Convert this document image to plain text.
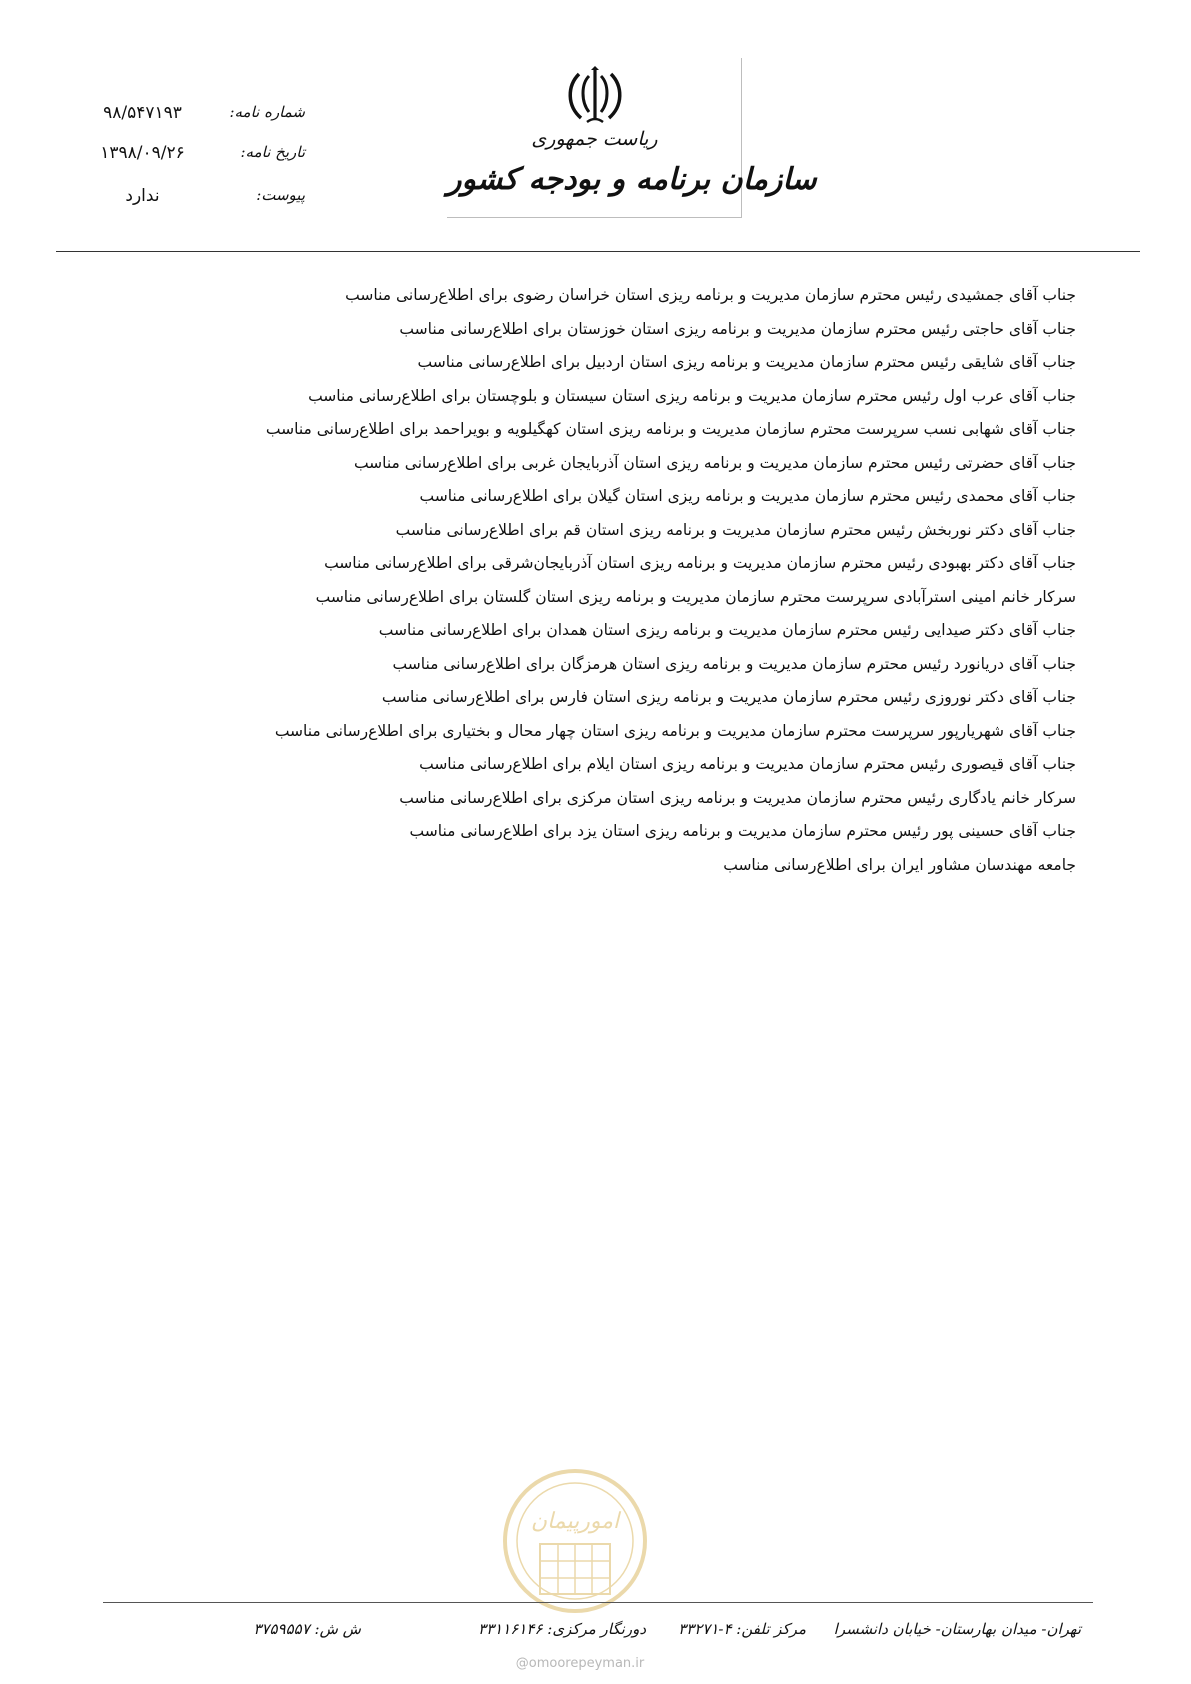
ریاست جمهوری
سازمان برنامه و بودجه کشور
۹۸/۵۴۷۱۹۳	شماره نامه:
۱۳۹۸/۰۹/۲۶	تاریخ نامه:
ندارد	پیوست:
جناب آقای جمشیدی رئیس محترم سازمان مدیریت و برنامه ریزی استان خراسان رضوی برای اطلاع‌رسانی مناسب
جناب آقای حاجتی رئیس محترم سازمان مدیریت و برنامه ریزی استان خوزستان برای اطلاع‌رسانی مناسب
جناب آقای شایقی رئیس محترم سازمان مدیریت و برنامه ریزی استان اردبیل برای اطلاع‌رسانی مناسب
جناب آقای عرب اول رئیس محترم سازمان مدیریت و برنامه ریزی استان سیستان و بلوچستان برای اطلاع‌رسانی مناسب
جناب آقای شهابی نسب سرپرست محترم سازمان مدیریت و برنامه ریزی استان کهگیلویه و بویراحمد برای اطلاع‌رسانی مناسب
جناب آقای حضرتی رئیس محترم سازمان مدیریت و برنامه ریزی استان آذربایجان غربی برای اطلاع‌رسانی مناسب
جناب آقای محمدی رئیس محترم سازمان مدیریت و برنامه ریزی استان گیلان برای اطلاع‌رسانی مناسب
جناب آقای دکتر نوربخش رئیس محترم سازمان مدیریت و برنامه ریزی استان قم برای اطلاع‌رسانی مناسب
جناب آقای دکتر بهبودی رئیس محترم سازمان مدیریت و برنامه ریزی استان آذربایجان‌شرقی برای اطلاع‌رسانی مناسب
سرکار خانم امینی استرآبادی سرپرست محترم سازمان مدیریت و برنامه ریزی استان گلستان برای اطلاع‌رسانی مناسب
جناب آقای دکتر صیدایی رئیس محترم سازمان مدیریت و برنامه ریزی استان همدان برای اطلاع‌رسانی مناسب
جناب آقای دریانورد رئیس محترم سازمان مدیریت و برنامه ریزی استان هرمزگان برای اطلاع‌رسانی مناسب
جناب آقای دکتر نوروزی رئیس محترم سازمان مدیریت و برنامه ریزی استان فارس برای اطلاع‌رسانی مناسب
جناب آقای شهریارپور سرپرست محترم سازمان مدیریت و برنامه ریزی استان چهار محال و بختیاری برای اطلاع‌رسانی مناسب
جناب آقای قیصوری رئیس محترم سازمان مدیریت و برنامه ریزی استان ایلام برای اطلاع‌رسانی مناسب
سرکار خانم یادگاری رئیس محترم سازمان مدیریت و برنامه ریزی استان مرکزی برای اطلاع‌رسانی مناسب
جناب آقای حسینی پور رئیس محترم سازمان مدیریت و برنامه ریزی استان یزد برای اطلاع‌رسانی مناسب
جامعه مهندسان مشاور ایران برای اطلاع‌رسانی مناسب
امورپیمان
تهران- میدان بهارستان- خیابان دانشسرا
مرکز تلفن: ۴-۳۳۲۷۱
دورنگار مرکزی: ۳۳۱۱۶۱۴۶
ش ش: ۳۷۵۹۵۵۷
@omoorepeyman.ir
